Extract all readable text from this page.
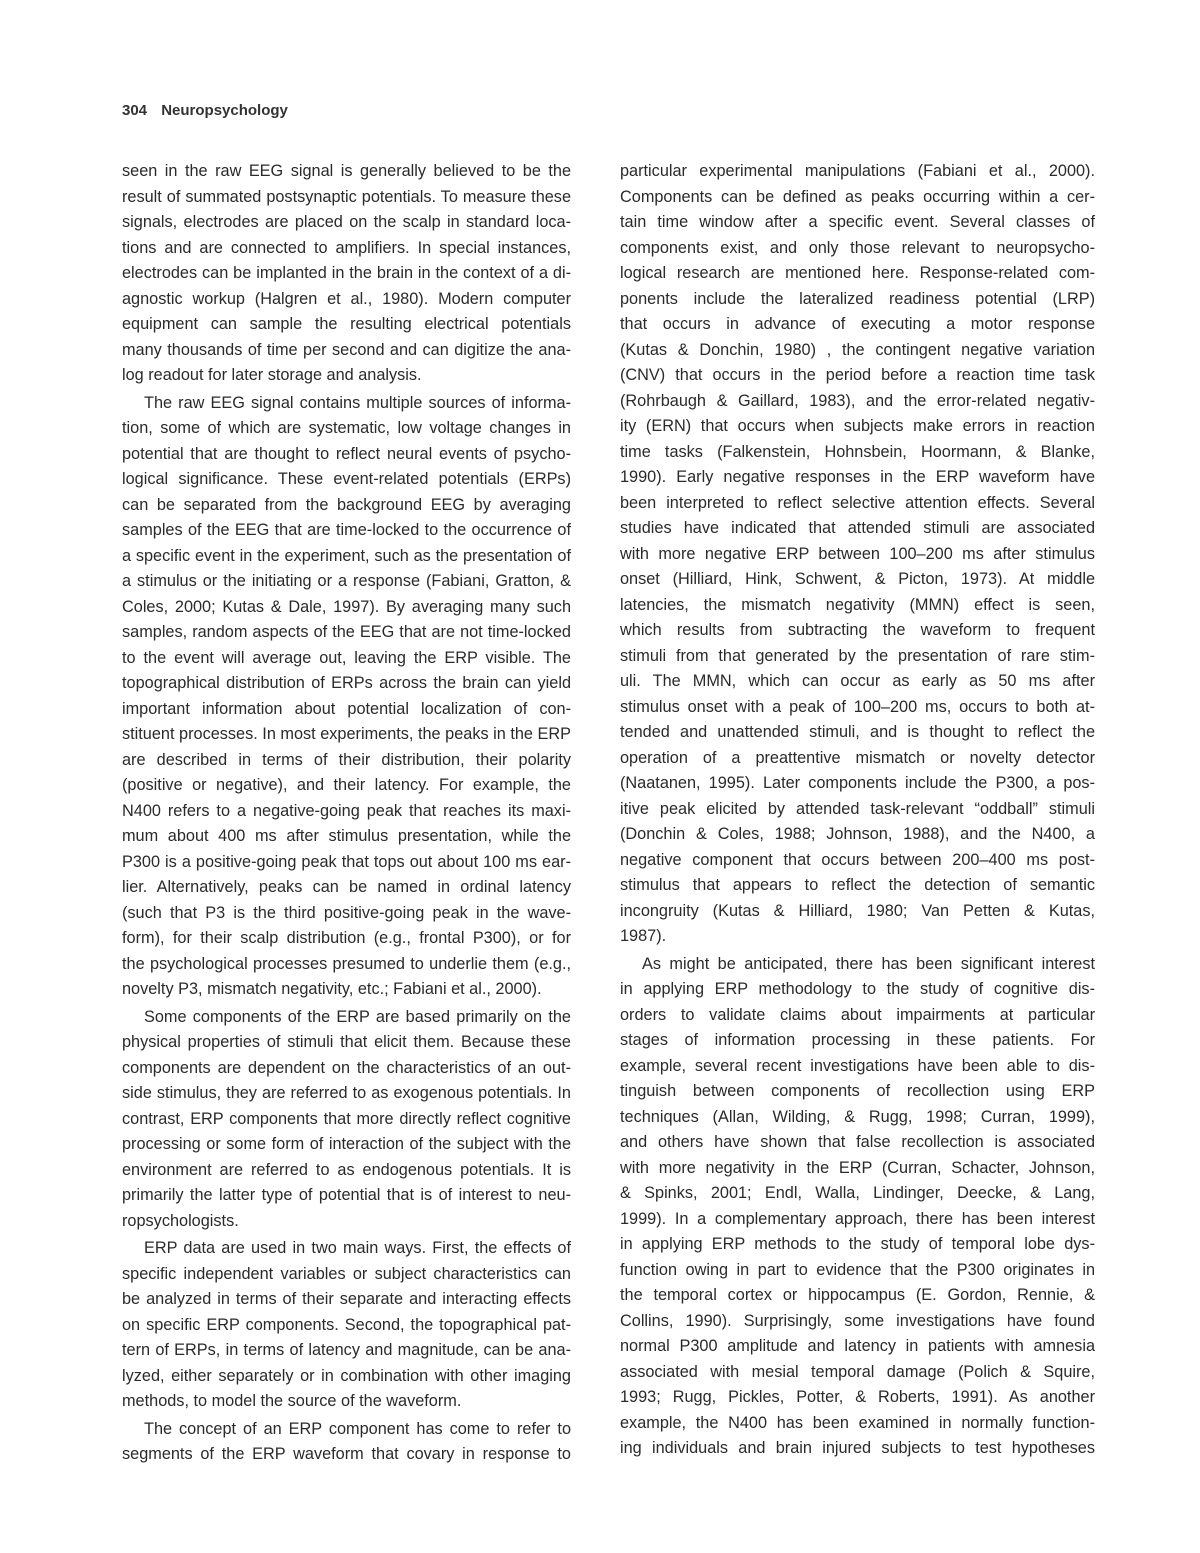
304 Neuropsychology
seen in the raw EEG signal is generally believed to be the
result of summated postsynaptic potentials. To measure these
signals, electrodes are placed on the scalp in standard loca-
tions and are connected to amplifiers. In special instances,
electrodes can be implanted in the brain in the context of a di-
agnostic workup (Halgren et al., 1980). Modern computer
equipment can sample the resulting electrical potentials
many thousands of time per second and can digitize the ana-
log readout for later storage and analysis.
The raw EEG signal contains multiple sources of informa-
tion, some of which are systematic, low voltage changes in
potential that are thought to reflect neural events of psycho-
logical significance. These event-related potentials (ERPs)
can be separated from the background EEG by averaging
samples of the EEG that are time-locked to the occurrence of
a specific event in the experiment, such as the presentation of
a stimulus or the initiating or a response (Fabiani, Gratton, &
Coles, 2000; Kutas & Dale, 1997). By averaging many such
samples, random aspects of the EEG that are not time-locked
to the event will average out, leaving the ERP visible. The
topographical distribution of ERPs across the brain can yield
important information about potential localization of con-
stituent processes. In most experiments, the peaks in the ERP
are described in terms of their distribution, their polarity
(positive or negative), and their latency. For example, the
N400 refers to a negative-going peak that reaches its maxi-
mum about 400 ms after stimulus presentation, while the
P300 is a positive-going peak that tops out about 100 ms ear-
lier. Alternatively, peaks can be named in ordinal latency
(such that P3 is the third positive-going peak in the wave-
form), for their scalp distribution (e.g., frontal P300), or for
the psychological processes presumed to underlie them (e.g.,
novelty P3, mismatch negativity, etc.; Fabiani et al., 2000).
Some components of the ERP are based primarily on the
physical properties of stimuli that elicit them. Because these
components are dependent on the characteristics of an out-
side stimulus, they are referred to as exogenous potentials. In
contrast, ERP components that more directly reflect cognitive
processing or some form of interaction of the subject with the
environment are referred to as endogenous potentials. It is
primarily the latter type of potential that is of interest to neu-
ropsychologists.
ERP data are used in two main ways. First, the effects of
specific independent variables or subject characteristics can
be analyzed in terms of their separate and interacting effects
on specific ERP components. Second, the topographical pat-
tern of ERPs, in terms of latency and magnitude, can be ana-
lyzed, either separately or in combination with other imaging
methods, to model the source of the waveform.
The concept of an ERP component has come to refer to
segments of the ERP waveform that covary in response to
particular experimental manipulations (Fabiani et al., 2000).
Components can be defined as peaks occurring within a cer-
tain time window after a specific event. Several classes of
components exist, and only those relevant to neuropsycho-
logical research are mentioned here. Response-related com-
ponents include the lateralized readiness potential (LRP)
that occurs in advance of executing a motor response
(Kutas & Donchin, 1980) , the contingent negative variation
(CNV) that occurs in the period before a reaction time task
(Rohrbaugh & Gaillard, 1983), and the error-related negativ-
ity (ERN) that occurs when subjects make errors in reaction
time tasks (Falkenstein, Hohnsbein, Hoormann, & Blanke,
1990). Early negative responses in the ERP waveform have
been interpreted to reflect selective attention effects. Several
studies have indicated that attended stimuli are associated
with more negative ERP between 100–200 ms after stimulus
onset (Hilliard, Hink, Schwent, & Picton, 1973). At middle
latencies, the mismatch negativity (MMN) effect is seen,
which results from subtracting the waveform to frequent
stimuli from that generated by the presentation of rare stim-
uli. The MMN, which can occur as early as 50 ms after
stimulus onset with a peak of 100–200 ms, occurs to both at-
tended and unattended stimuli, and is thought to reflect the
operation of a preattentive mismatch or novelty detector
(Naatanen, 1995). Later components include the P300, a pos-
itive peak elicited by attended task-relevant “oddball” stimuli
(Donchin & Coles, 1988; Johnson, 1988), and the N400, a
negative component that occurs between 200–400 ms post-
stimulus that appears to reflect the detection of semantic
incongruity (Kutas & Hilliard, 1980; Van Petten & Kutas,
1987).
As might be anticipated, there has been significant interest
in applying ERP methodology to the study of cognitive dis-
orders to validate claims about impairments at particular
stages of information processing in these patients. For
example, several recent investigations have been able to dis-
tinguish between components of recollection using ERP
techniques (Allan, Wilding, & Rugg, 1998; Curran, 1999),
and others have shown that false recollection is associated
with more negativity in the ERP (Curran, Schacter, Johnson,
& Spinks, 2001; Endl, Walla, Lindinger, Deecke, & Lang,
1999). In a complementary approach, there has been interest
in applying ERP methods to the study of temporal lobe dys-
function owing in part to evidence that the P300 originates in
the temporal cortex or hippocampus (E. Gordon, Rennie, &
Collins, 1990). Surprisingly, some investigations have found
normal P300 amplitude and latency in patients with amnesia
associated with mesial temporal damage (Polich & Squire,
1993; Rugg, Pickles, Potter, & Roberts, 1991). As another
example, the N400 has been examined in normally function-
ing individuals and brain injured subjects to test hypotheses
